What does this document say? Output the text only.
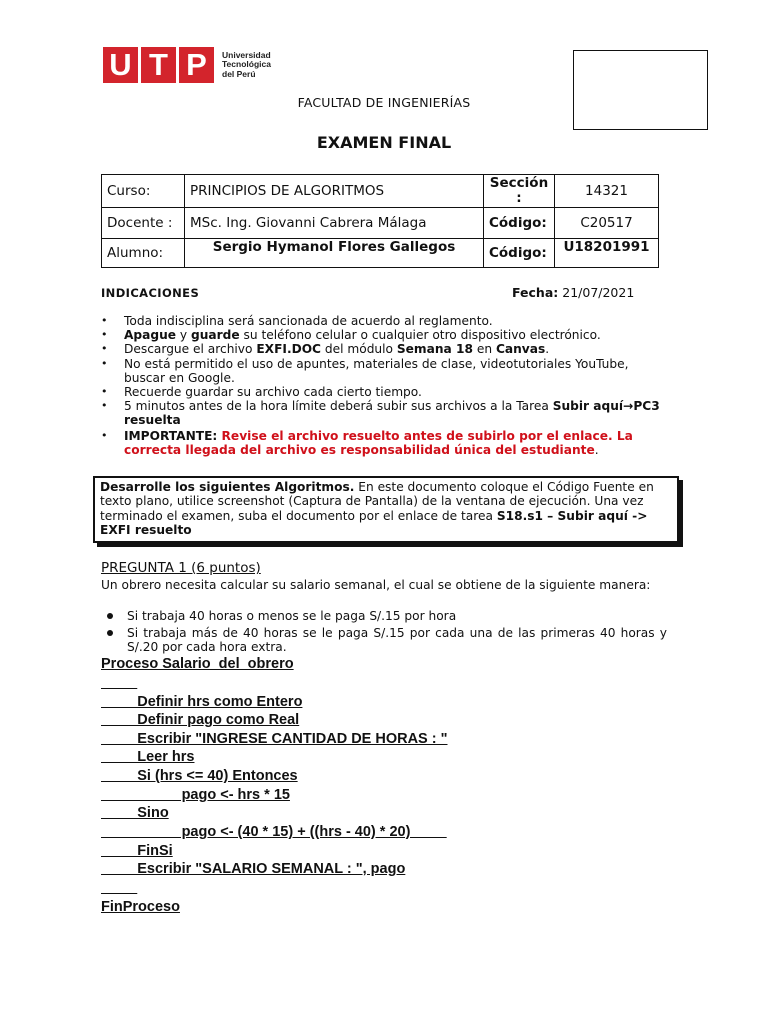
U T P	Universidad
Tecnológica
del Perú
FACULTAD DE INGENIERÍAS
EXAMEN FINAL
Curso:	PRINCIPIOS DE ALGORITMOS	Sección :	14321
Docente :	MSc. Ing. Giovanni Cabrera Málaga	Código:	C20517
Alumno:	Sergio Hymanol Flores Gallegos	Código:	U18201991
INDICACIONES	Fecha: 21/07/2021
• Toda indisciplina será sancionada de acuerdo al reglamento.
• Apague y guarde su teléfono celular o cualquier otro dispositivo electrónico.
• Descargue el archivo EXFI.DOC del módulo Semana 18 en Canvas.
• No está permitido el uso de apuntes, materiales de clase, videotutoriales YouTube, buscar en Google.
• Recuerde guardar su archivo cada cierto tiempo.
• 5 minutos antes de la hora límite deberá subir sus archivos a la Tarea Subir aquí→PC3 resuelta
• IMPORTANTE: Revise el archivo resuelto antes de subirlo por el enlace. La correcta llegada del archivo es responsabilidad única del estudiante.
Desarrolle los siguientes Algoritmos. En este documento coloque el Código Fuente en texto plano, utilice screenshot (Captura de Pantalla) de la ventana de ejecución. Una vez terminado el examen, suba el documento por el enlace de tarea S18.s1 – Subir aquí -> EXFI resuelto
PREGUNTA 1 (6 puntos)
Un obrero necesita calcular su salario semanal, el cual se obtiene de la siguiente manera:
Si trabaja 40 horas o menos se le paga S/.15 por hora
Si trabaja más de 40 horas se le paga S/.15 por cada una de las primeras 40 horas y S/.20 por cada hora extra.
Proceso Salario_del_obrero

Definir hrs como Entero
Definir pago como Real
Escribir "INGRESE CANTIDAD DE HORAS : "
Leer hrs
Si (hrs <= 40) Entonces
pago <- hrs * 15
Sino
pago <- (40 * 15) + ((hrs - 40) * 20)
FinSi
Escribir "SALARIO SEMANAL : ", pago

FinProceso
